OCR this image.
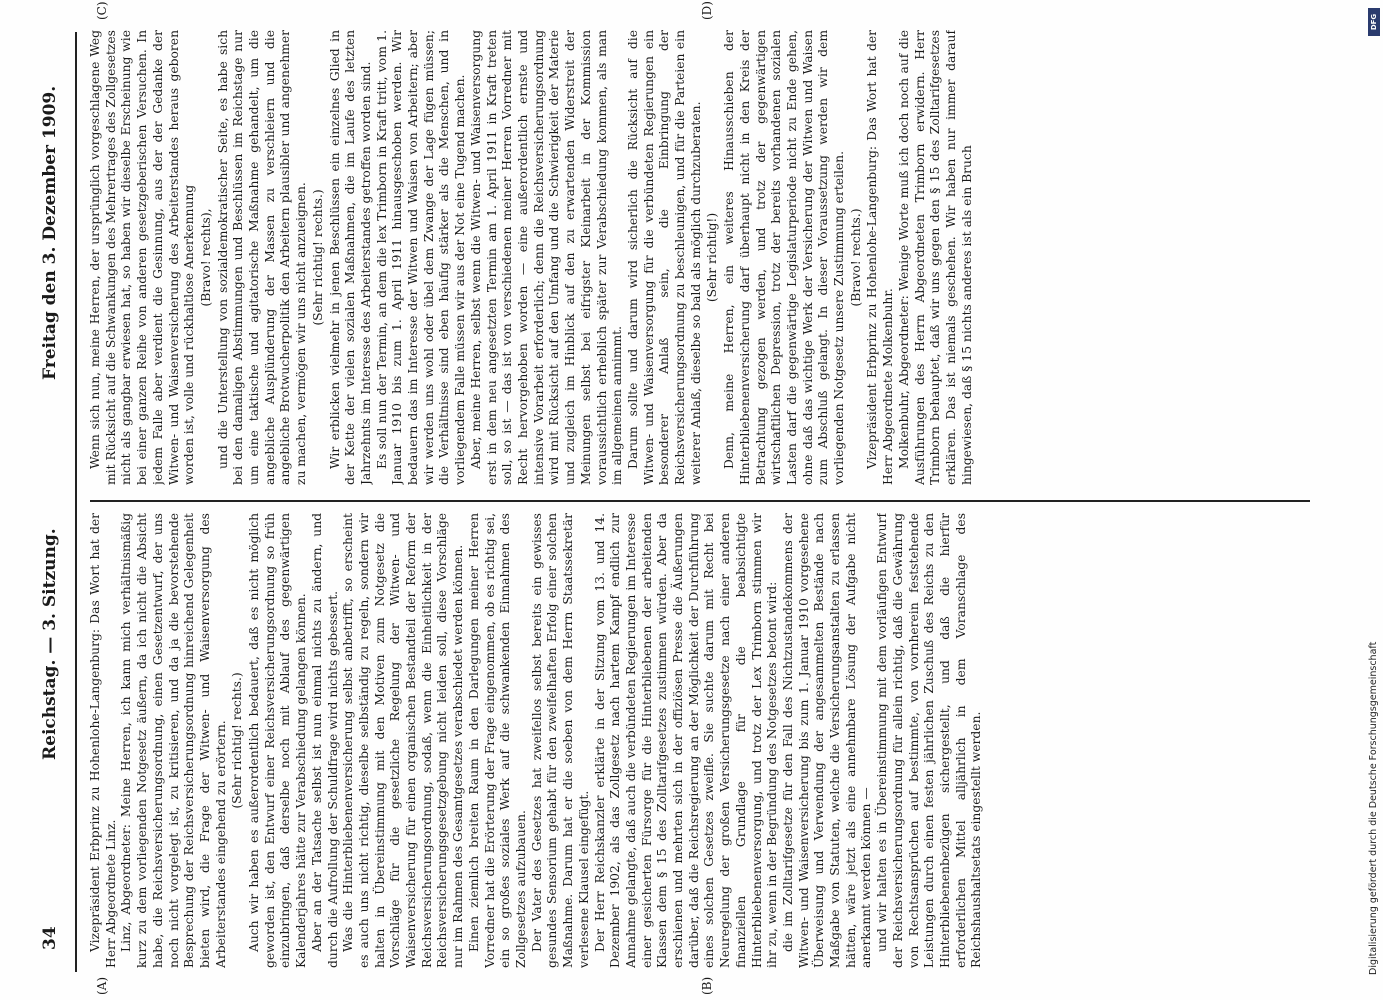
34
Reichstag. — 3. Sitzung.
Freitag den 3. Dezember 1909.
(A)	(B)
(C)	(D)

Vizepräsident Erbprinz zu Hohenlohe-Langenburg: Das Wort hat der Herr Abgeordnete Linz. Linz, Abgeordneter: Meine Herren, ich kann mich verhältnismäßig kurz zu dem vorliegenden Notgesetz äußern, da ich nicht die Absicht habe, die Reichsversicherungsordnung, einen Gesetzentwurf, der uns noch nicht vorgelegt ist, zu kritisieren, und da ja die bevorstehende Besprechung der Reichsversicherungsordnung hinreichend Gelegenheit bieten wird, die Frage der Witwen- und Waisenversorgung des Arbeiterstandes eingehend zu erörtern. (Sehr richtig! rechts.) Auch wir haben es außerordentlich bedauert, daß es nicht möglich geworden ist, den Entwurf einer Reichsversicherungsordnung so früh einzubringen, daß derselbe noch mit Ablauf des gegenwärtigen Kalenderjahres hätte zur Verabschiedung gelangen können. Aber an der Tatsache selbst ist nun einmal nichts zu ändern, und durch die Aufrollung der Schuldfrage wird nichts gebessert. Was die Hinterbliebenenversicherung selbst anbetrifft, so erscheint es auch uns nicht richtig, dieselbe selbständig zu regeln, sondern wir halten in Übereinstimmung mit den Motiven zum Notgesetz die Vorschläge für die gesetzliche Regelung der Witwen- und Waisenversicherung für einen organischen Bestandteil der Reform der Reichsversicherungsordnung, sodaß, wenn die Einheitlichkeit in der Reichsversicherungsgesetzgebung nicht leiden soll, diese Vorschläge nur im Rahmen des Gesamtgesetzes verabschiedet werden können. Einen ziemlich breiten Raum in den Darlegungen meiner Herren Vorredner hat die Erörterung der Frage eingenommen, ob es richtig sei, ein so großes soziales Werk auf die schwankenden Einnahmen des Zollgesetzes aufzubauen. Der Vater des Gesetzes hat zweifellos selbst bereits ein gewisses gesundes Sensorium gehabt für den zweifelhaften Erfolg einer solchen Maßnahme. Darum hat er die soeben von dem Herrn Staatssekretär verlesene Klausel eingefügt. Der Herr Reichskanzler erklärte in der Sitzung vom 13. und 14. Dezember 1902, als das Zollgesetz nach hartem Kampf endlich zur Annahme gelangte, daß auch die verbündeten Regierungen im Interesse einer gesicherten Fürsorge für die Hinterbliebenen der arbeitenden Klassen dem § 15 des Zolltarifgesetzes zustimmen würden. Aber da erschienen und mehrten sich in der offiziösen Presse die Äußerungen darüber, daß die Reichsregierung an der Möglichkeit der Durchführung eines solchen Gesetzes zweifle. Sie suchte darum mit Recht bei Neuregelung der großen Versicherungsgesetze nach einer anderen finanziellen Grundlage für die beabsichtigte Hinterbliebenenversorgung, und trotz der Lex Trimborn stimmen wir ihr zu, wenn in der Begründung des Notgesetzes betont wird: die im Zolltarifgesetze für den Fall des Nichtzustandekommens der Witwen- und Waisenversicherung bis zum 1. Januar 1910 vorgesehene Überweisung und Verwendung der angesammelten Bestände nach Maßgabe von Statuten, welche die Versicherungsanstalten zu erlassen hätten, wäre jetzt als eine annehmbare Lösung der Aufgabe nicht anerkannt werden können — und wir halten es in Übereinstimmung mit dem vorläufigen Entwurf der Reichsversicherungsordnung für allein richtig, daß die Gewährung von Rechtsansprüchen auf bestimmte, von vornherein feststehende Leistungen durch einen festen jährlichen Zuschuß des Reichs zu den Hinterbliebenenbezügen sichergestellt, und daß die hierfür erforderlichen Mittel alljährlich in dem Voranschlage des Reichshaushaltsetats eingestellt werden.

Wenn sich nun, meine Herren, der ursprünglich vorgeschlagene Weg mit Rücksicht auf die Schwankungen des Mehrertrages des Zollgesetzes nicht als gangbar erwiesen hat, so haben wir dieselbe Erscheinung wie bei einer ganzen Reihe von anderen gesetzgeberischen Versuchen. In jedem Falle aber verdient die Gesinnung, aus der der Gedanke der Witwen- und Waisenversicherung des Arbeiterstandes heraus geboren worden ist, volle und rückhaltlose Anerkennung (Bravo! rechts), und die Unterstellung von sozialdemokratischer Seite, es habe sich bei den damaligen Abstimmungen und Beschlüssen im Reichstage nur um eine taktische und agitatorische Maßnahme gehandelt, um die angebliche Ausplünderung der Massen zu verschleiern und die angebliche Brotwucherpolitik den Arbeitern plausibler und angenehmer zu machen, vermögen wir uns nicht anzueignen. (Sehr richtig! rechts.) Wir erblicken vielmehr in jenen Beschlüssen ein einzelnes Glied in der Kette der vielen sozialen Maßnahmen, die im Laufe des letzten Jahrzehnts im Interesse des Arbeiterstandes getroffen worden sind. Es soll nun der Termin, an dem die lex Trimborn in Kraft tritt, vom 1. Januar 1910 bis zum 1. April 1911 hinausgeschoben werden. Wir bedauern das im Interesse der Witwen und Waisen von Arbeitern; aber wir werden uns wohl oder übel dem Zwange der Lage fügen müssen; die Verhältnisse sind eben häufig stärker als die Menschen, und in vorliegendem Falle müssen wir aus der Not eine Tugend machen. Aber, meine Herren, selbst wenn die Witwen- und Waisenversorgung erst in dem neu angesetzten Termin am 1. April 1911 in Kraft treten soll, so ist — das ist von verschiedenen meiner Herren Vorredner mit Recht hervorgehoben worden — eine außerordentlich ernste und intensive Vorarbeit erforderlich; denn die Reichsversicherungsordnung wird mit Rücksicht auf den Umfang und die Schwierigkeit der Materie und zugleich im Hinblick auf den zu erwartenden Widerstreit der Meinungen selbst bei eifrigster Kleinarbeit in der Kommission voraussichtlich erheblich später zur Verabschiedung kommen, als man im allgemeinen annimmt. Darum sollte und darum wird sicherlich die Rücksicht auf die Witwen- und Waisenversorgung für die verbündeten Regierungen ein besonderer Anlaß sein, die Einbringung der Reichsversicherungsordnung zu beschleunigen, und für die Parteien ein weiterer Anlaß, dieselbe so bald als möglich durchzuberaten. (Sehr richtig!) Denn, meine Herren, ein weiteres Hinausschieben der Hinterbliebenenversicherung darf überhaupt nicht in den Kreis der Betrachtung gezogen werden, und trotz der gegenwärtigen wirtschaftlichen Depression, trotz der bereits vorhandenen sozialen Lasten darf die gegenwärtige Legislaturperiode nicht zu Ende gehen, ohne daß das wichtige Werk der Versicherung der Witwen und Waisen zum Abschluß gelangt. In dieser Voraussetzung werden wir dem vorliegenden Notgesetz unsere Zustimmung erteilen. (Bravo! rechts.) Vizepräsident Erbprinz zu Hohenlohe-Langenburg: Das Wort hat der Herr Abgeordnete Molkenbuhr. Molkenbuhr, Abgeordneter: Wenige Worte muß ich doch noch auf die Ausführungen des Herrn Abgeordneten Trimborn erwidern. Herr Trimborn behauptet, daß wir uns gegen den § 15 des Zolltarifgesetzes erklären. Das ist niemals geschehen. Wir haben nur immer darauf hingewiesen, daß § 15 nichts anderes ist als ein Bruch

DFG
Digitalisierung gefördert durch die Deutsche Forschungsgemeinschaft
